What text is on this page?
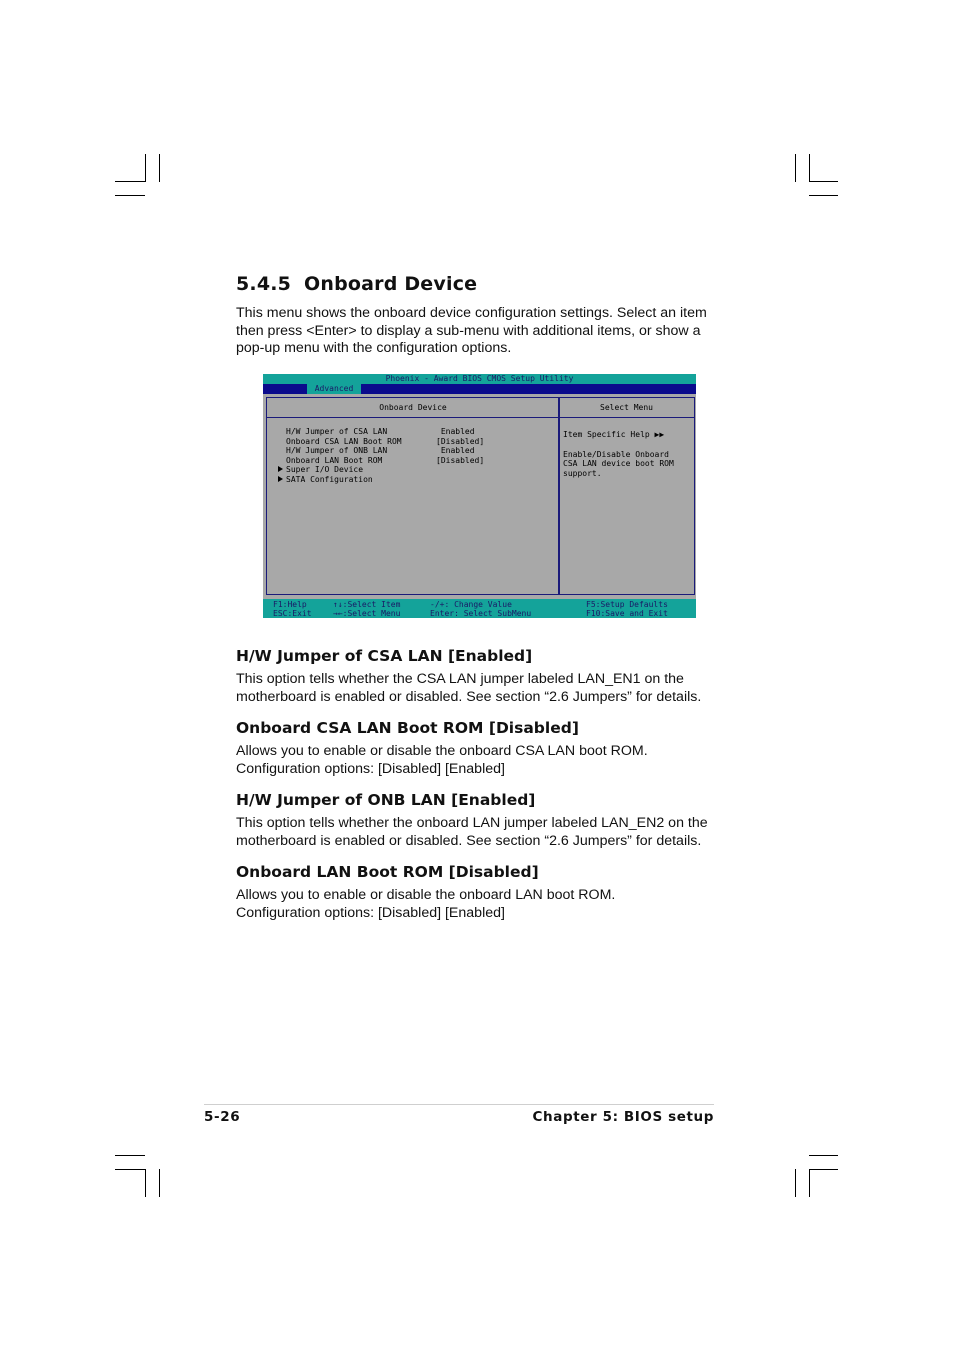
5.4.5 Onboard Device

This menu shows the onboard device configuration settings. Select an item
then press <Enter> to display a sub-menu with additional items, or show a
pop-up menu with the configuration options.

Phoenix - Award BIOS CMOS Setup Utility
Advanced
Onboard Device
H/W Jumper of CSA LAN	Enabled
Onboard CSA LAN Boot ROM	[Disabled]
H/W Jumper of ONB LAN	Enabled
Onboard LAN Boot ROM	[Disabled]
Super I/O Device
SATA Configuration
Select Menu
Item Specific Help ▶▶
Enable/Disable Onboard
CSA LAN device boot ROM
support.
F1:Help	↑↓:Select Item	-/+: Change Value	F5:Setup Defaults
ESC:Exit	→←:Select Menu	Enter: Select SubMenu	F10:Save and Exit
H/W Jumper of CSA LAN [Enabled]

This option tells whether the CSA LAN jumper labeled LAN_EN1 on the
motherboard is enabled or disabled. See section “2.6 Jumpers” for details.

Onboard CSA LAN Boot ROM [Disabled]

Allows you to enable or disable the onboard CSA LAN boot ROM.
Configuration options: [Disabled] [Enabled]

H/W Jumper of ONB LAN [Enabled]

This option tells whether the onboard LAN jumper labeled LAN_EN2 on the
motherboard is enabled or disabled. See section “2.6 Jumpers” for details.

Onboard LAN Boot ROM [Disabled]

Allows you to enable or disable the onboard LAN boot ROM.
Configuration options: [Disabled] [Enabled]

5-26	Chapter 5: BIOS setup
